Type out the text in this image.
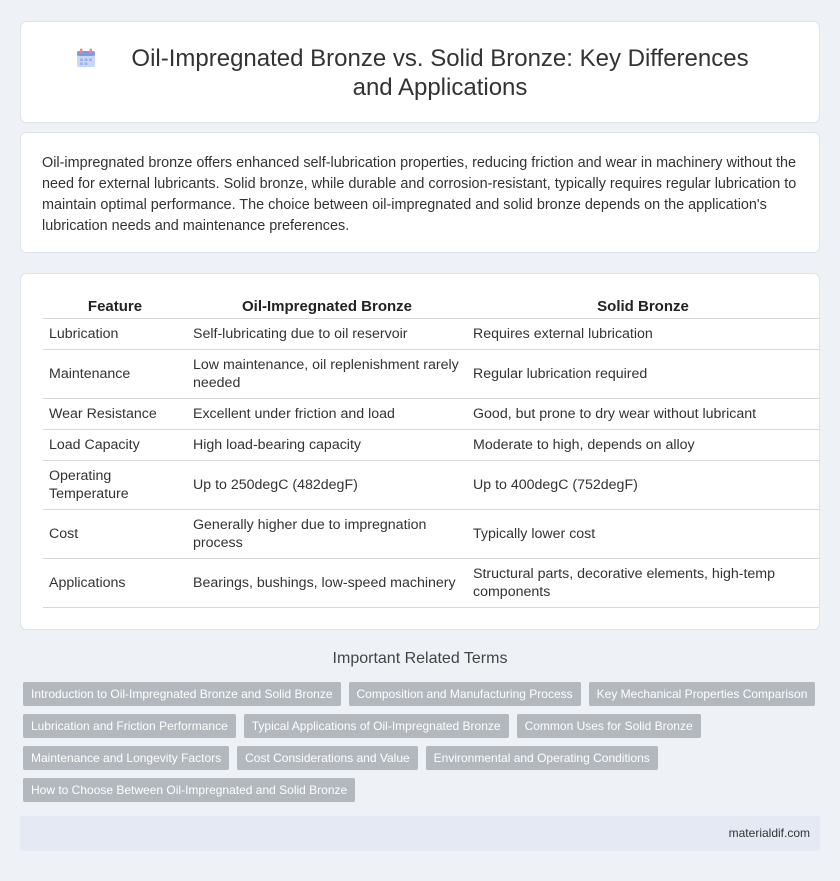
Oil-Impregnated Bronze vs. Solid Bronze: Key Differences and Applications

Oil-impregnated bronze offers enhanced self-lubrication properties, reducing friction and wear in machinery without the need for external lubricants. Solid bronze, while durable and corrosion-resistant, typically requires regular lubrication to maintain optimal performance. The choice between oil-impregnated and solid bronze depends on the application's lubrication needs and maintenance preferences.

Feature	Oil-Impregnated Bronze	Solid Bronze
Lubrication	Self-lubricating due to oil reservoir	Requires external lubrication
Maintenance	Low maintenance, oil replenishment rarely needed	Regular lubrication required
Wear Resistance	Excellent under friction and load	Good, but prone to dry wear without lubricant
Load Capacity	High load-bearing capacity	Moderate to high, depends on alloy
Operating Temperature	Up to 250degC (482degF)	Up to 400degC (752degF)
Cost	Generally higher due to impregnation process	Typically lower cost
Applications	Bearings, bushings, low-speed machinery	Structural parts, decorative elements, high-temp components
Important Related Terms
Introduction to Oil-Impregnated Bronze and Solid Bronze	Composition and Manufacturing Process	Key Mechanical Properties Comparison
Lubrication and Friction Performance	Typical Applications of Oil-Impregnated Bronze	Common Uses for Solid Bronze
Maintenance and Longevity Factors	Cost Considerations and Value	Environmental and Operating Conditions
How to Choose Between Oil-Impregnated and Solid Bronze
materialdif.com
